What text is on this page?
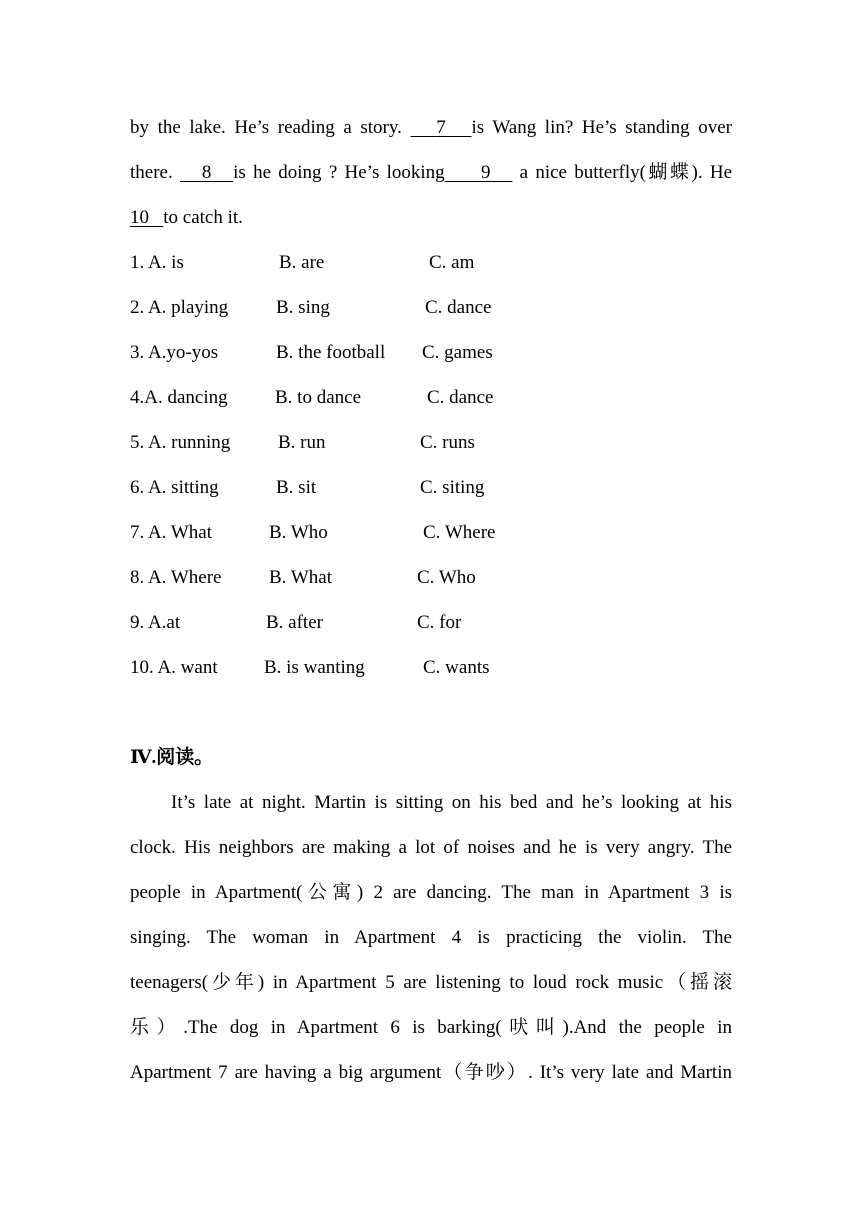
by the lake. He’s reading a story. 7 is Wang lin? He’s standing over
there. 8 is he doing ? He’s looking 9 a nice butterfly(蝴蝶). He
10 to catch it.
1. A. is	B. are	C. am
2. A. playing	B. sing	C. dance
3. A.yo-yos	B. the football C. games
4.A. dancing B. to dance	C. dance
5. A. running	B. run	C. runs
6. A. sitting	B. sit	C. siting
7. A. What	B. Who	C. Where
8. A. Where	B. What	C. Who
9. A.at	B. after	C. for
10. A. want B. is wanting	C. wants
Ⅳ.阅读。
It’s late at night. Martin is sitting on his bed and he’s looking at his
clock. His neighbors are making a lot of noises and he is very angry. The
people in Apartment(公寓) 2 are dancing. The man in Apartment 3 is
singing. The woman in Apartment 4 is practicing the violin. The
teenagers(少年) in Apartment 5 are listening to loud rock music（摇滚
乐）.The dog in Apartment 6 is barking(吠叫).And the people in
Apartment 7 are having a big argument（争吵）. It’s very late and Martin
